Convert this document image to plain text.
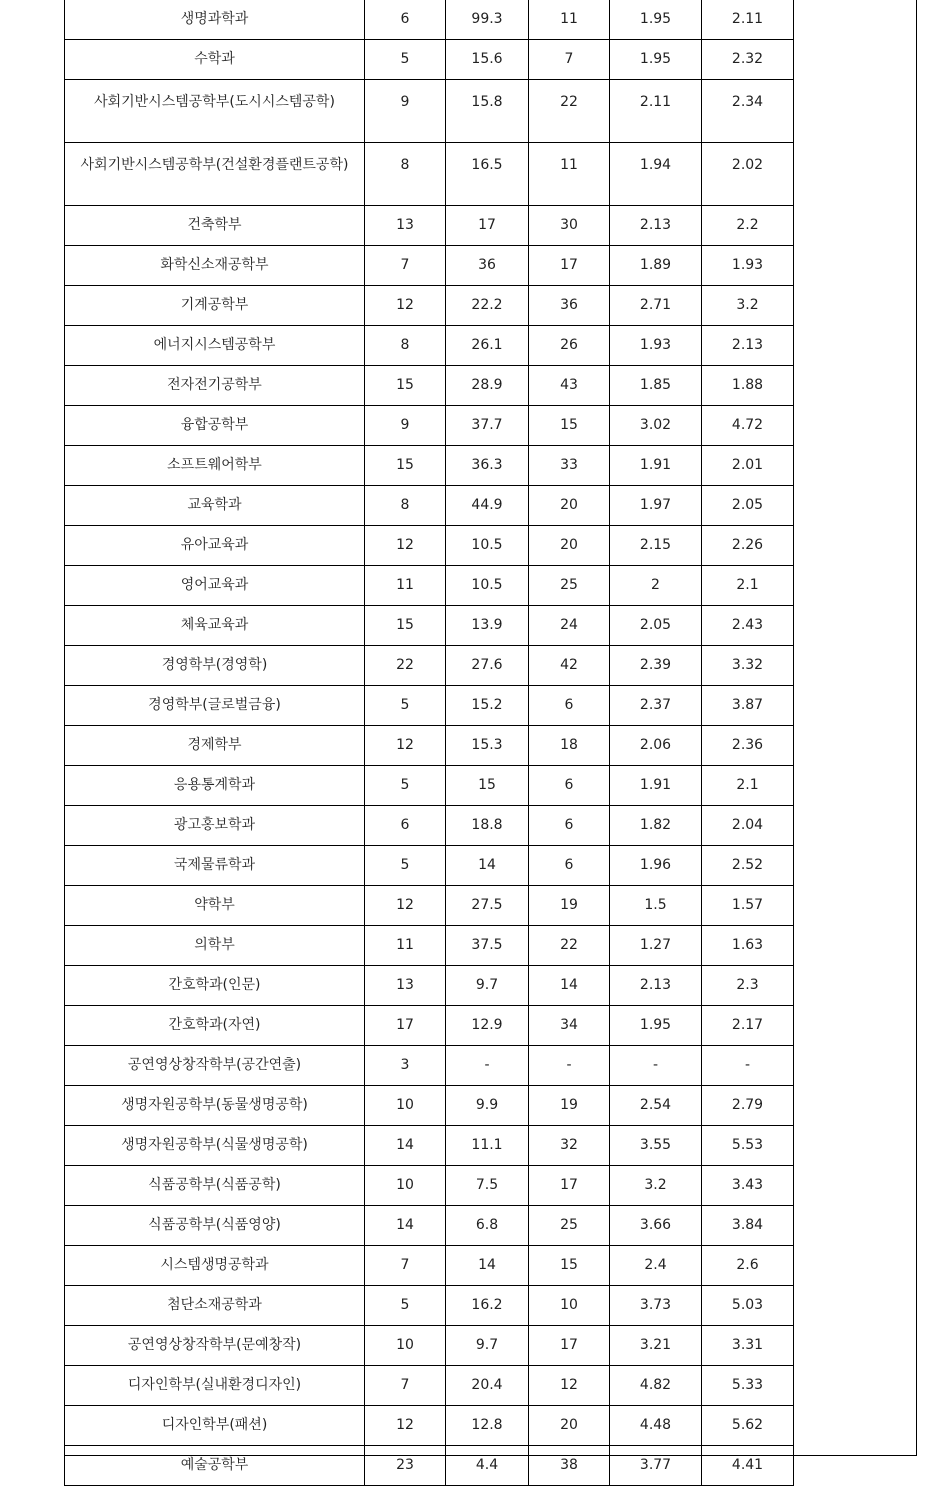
생명과학과	6	99.3	11	1.95	2.11	
수학과	5	15.6	7	1.95	2.32	
사회기반시스템공학부(도시시스템공학)	9	15.8	22	2.11	2.34	
사회기반시스템공학부(건설환경플랜트공학)	8	16.5	11	1.94	2.02	
건축학부	13	17	30	2.13	2.2	
화학신소재공학부	7	36	17	1.89	1.93	
기계공학부	12	22.2	36	2.71	3.2	
에너지시스템공학부	8	26.1	26	1.93	2.13	
전자전기공학부	15	28.9	43	1.85	1.88	
융합공학부	9	37.7	15	3.02	4.72	
소프트웨어학부	15	36.3	33	1.91	2.01	
교육학과	8	44.9	20	1.97	2.05	
유아교육과	12	10.5	20	2.15	2.26	
영어교육과	11	10.5	25	2	2.1	
체육교육과	15	13.9	24	2.05	2.43	
경영학부(경영학)	22	27.6	42	2.39	3.32	
경영학부(글로벌금융)	5	15.2	6	2.37	3.87	
경제학부	12	15.3	18	2.06	2.36	
응용통계학과	5	15	6	1.91	2.1	
광고홍보학과	6	18.8	6	1.82	2.04	
국제물류학과	5	14	6	1.96	2.52	
약학부	12	27.5	19	1.5	1.57	
의학부	11	37.5	22	1.27	1.63	
간호학과(인문)	13	9.7	14	2.13	2.3	
간호학과(자연)	17	12.9	34	1.95	2.17	
공연영상창작학부(공간연출)	3	-	-	-	-	
생명자원공학부(동물생명공학)	10	9.9	19	2.54	2.79	
생명자원공학부(식물생명공학)	14	11.1	32	3.55	5.53	
식품공학부(식품공학)	10	7.5	17	3.2	3.43	
식품공학부(식품영양)	14	6.8	25	3.66	3.84	
시스템생명공학과	7	14	15	2.4	2.6	
첨단소재공학과	5	16.2	10	3.73	5.03	
공연영상창작학부(문예창작)	10	9.7	17	3.21	3.31	
디자인학부(실내환경디자인)	7	20.4	12	4.82	5.33	
디자인학부(패션)	12	12.8	20	4.48	5.62	
예술공학부	23	4.4	38	3.77	4.41	
